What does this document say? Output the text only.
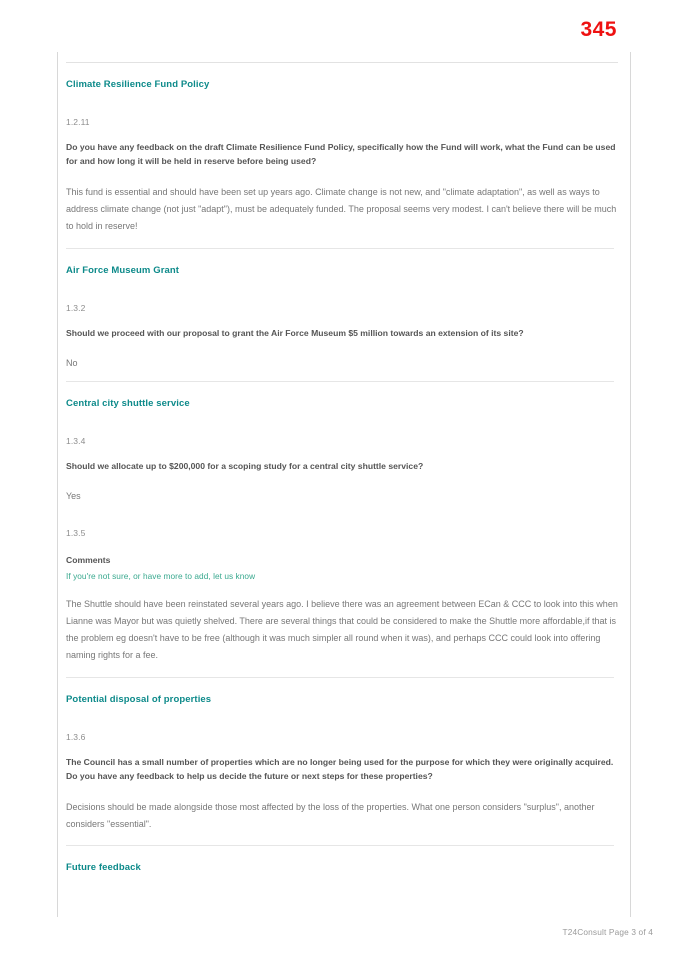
345
Climate Resilience Fund Policy
1.2.11
Do you have any feedback on the draft Climate Resilience Fund Policy, specifically how the Fund will work, what the Fund can be used for and how long it will be held in reserve before being used?
This fund is essential and should have been set up years ago. Climate change is not new, and "climate adaptation", as well as ways to address climate change (not just "adapt"), must be adequately funded. The proposal seems very modest. I can't believe there will be much to hold in reserve!
Air Force Museum Grant
1.3.2
Should we proceed with our proposal to grant the Air Force Museum $5 million towards an extension of its site?
No
Central city shuttle service
1.3.4
Should we allocate up to $200,000 for a scoping study for a central city shuttle service?
Yes
1.3.5
Comments
If you're not sure, or have more to add, let us know
The Shuttle should have been reinstated several years ago. I believe there was an agreement between ECan & CCC to look into this when Lianne was Mayor but was quietly shelved. There are several things that could be considered to make the Shuttle more affordable,if that is the problem eg doesn't have to be free (although it was much simpler all round when it was), and perhaps CCC could look into offering naming rights for a fee.
Potential disposal of properties
1.3.6
The Council has a small number of properties which are no longer being used for the purpose for which they were originally acquired. Do you have any feedback to help us decide the future or next steps for these properties?
Decisions should be made alongside those most affected by the loss of the properties. What one person considers "surplus", another considers "essential".
Future feedback
T24Consult Page 3 of 4
